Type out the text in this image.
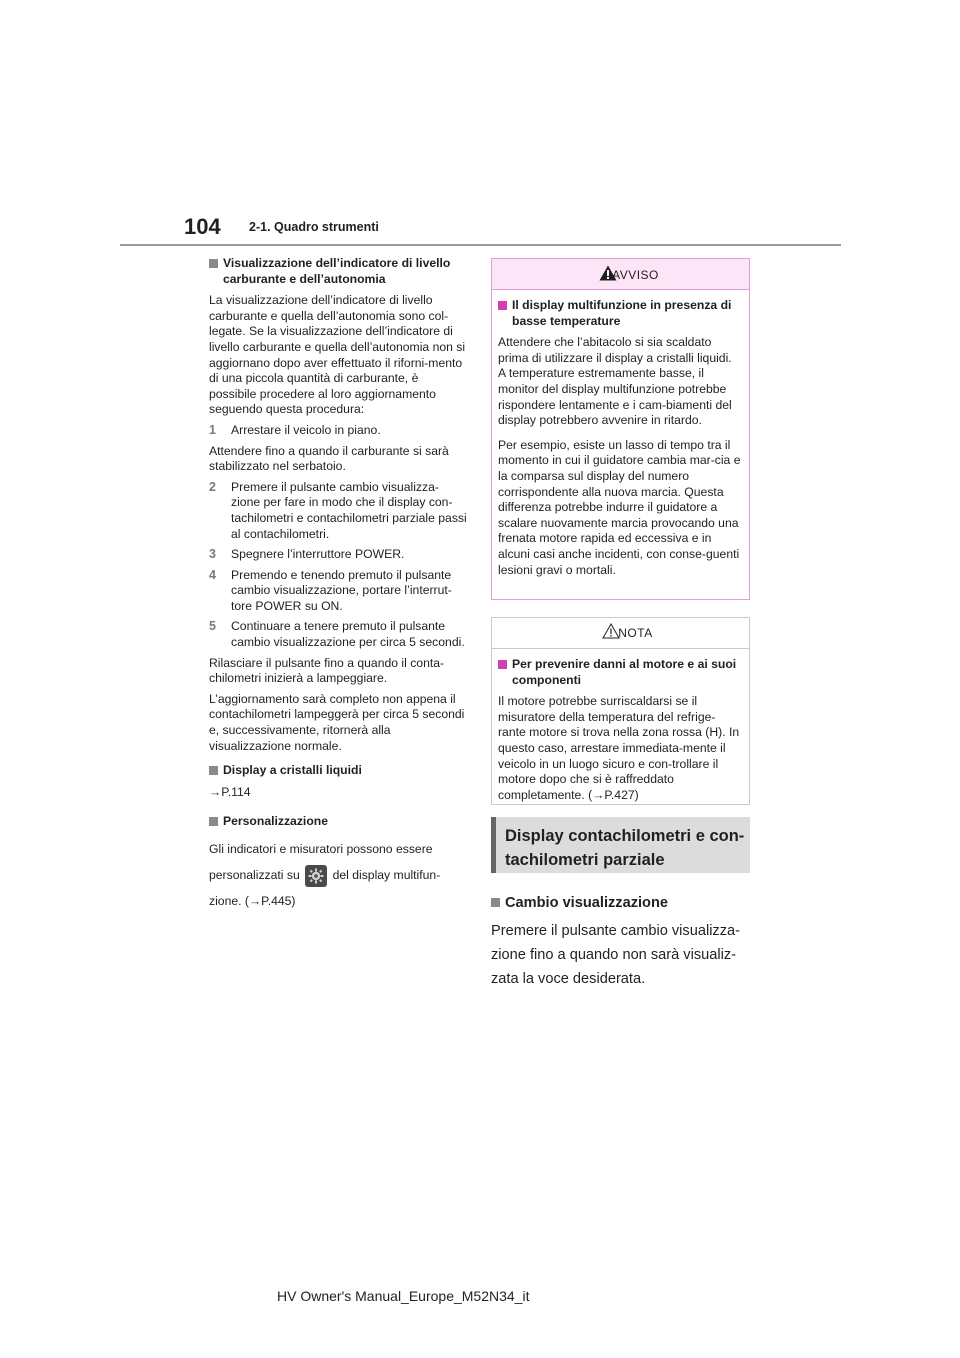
104 2-1. Quadro strumenti
Visualizzazione dell’indicatore di livello carburante e dell’autonomia
La visualizzazione dell’indicatore di livello carburante e quella dell’autonomia sono col-legate. Se la visualizzazione dell’indicatore di livello carburante e quella dell’autonomia non si aggiornano dopo aver effettuato il riforni-mento di una piccola quantità di carburante, è possibile procedere al loro aggiornamento seguendo questa procedura:
1	Arrestare il veicolo in piano.
Attendere fino a quando il carburante si sarà stabilizzato nel serbatoio.
2	Premere il pulsante cambio visualizza-zione per fare in modo che il display con-tachilometri e contachilometri parziale passi al contachilometri.
3	Spegnere l’interruttore POWER.
4	Premendo e tenendo premuto il pulsante cambio visualizzazione, portare l’interrut-tore POWER su ON.
5	Continuare a tenere premuto il pulsante cambio visualizzazione per circa 5 secondi.
Rilasciare il pulsante fino a quando il conta-chilometri inizierà a lampeggiare.
L’aggiornamento sarà completo non appena il contachilometri lampeggerà per circa 5 secondi e, successivamente, ritornerà alla visualizzazione normale.
Display a cristalli liquidi
→P.114
Personalizzazione
Gli indicatori e misuratori possono essere
personalizzati su	del display multifun-
zione. (→P.445)
AVVISO
Il display multifunzione in presenza di basse temperature
Attendere che l’abitacolo si sia scaldato prima di utilizzare il display a cristalli liquidi. A temperature estremamente basse, il monitor del display multifunzione potrebbe rispondere lentamente e i cam-biamenti del display potrebbero avvenire in ritardo.
Per esempio, esiste un lasso di tempo tra il momento in cui il guidatore cambia mar-cia e la comparsa sul display del numero corrispondente alla nuova marcia. Questa differenza potrebbe indurre il guidatore a scalare nuovamente marcia provocando una frenata motore rapida ed eccessiva e in alcuni casi anche incidenti, con conse-guenti lesioni gravi o mortali.
NOTA
Per prevenire danni al motore e ai suoi componenti
Il motore potrebbe surriscaldarsi se il misuratore della temperatura del refrige-rante motore si trova nella zona rossa (H). In questo caso, arrestare immediata-mente il veicolo in un luogo sicuro e con-trollare il motore dopo che si è raffreddato completamente. (→P.427)
Display contachilometri e con-tachilometri parziale
Cambio visualizzazione
Premere il pulsante cambio visualizza-zione fino a quando non sarà visualiz-zata la voce desiderata.
HV Owner's Manual_Europe_M52N34_it
